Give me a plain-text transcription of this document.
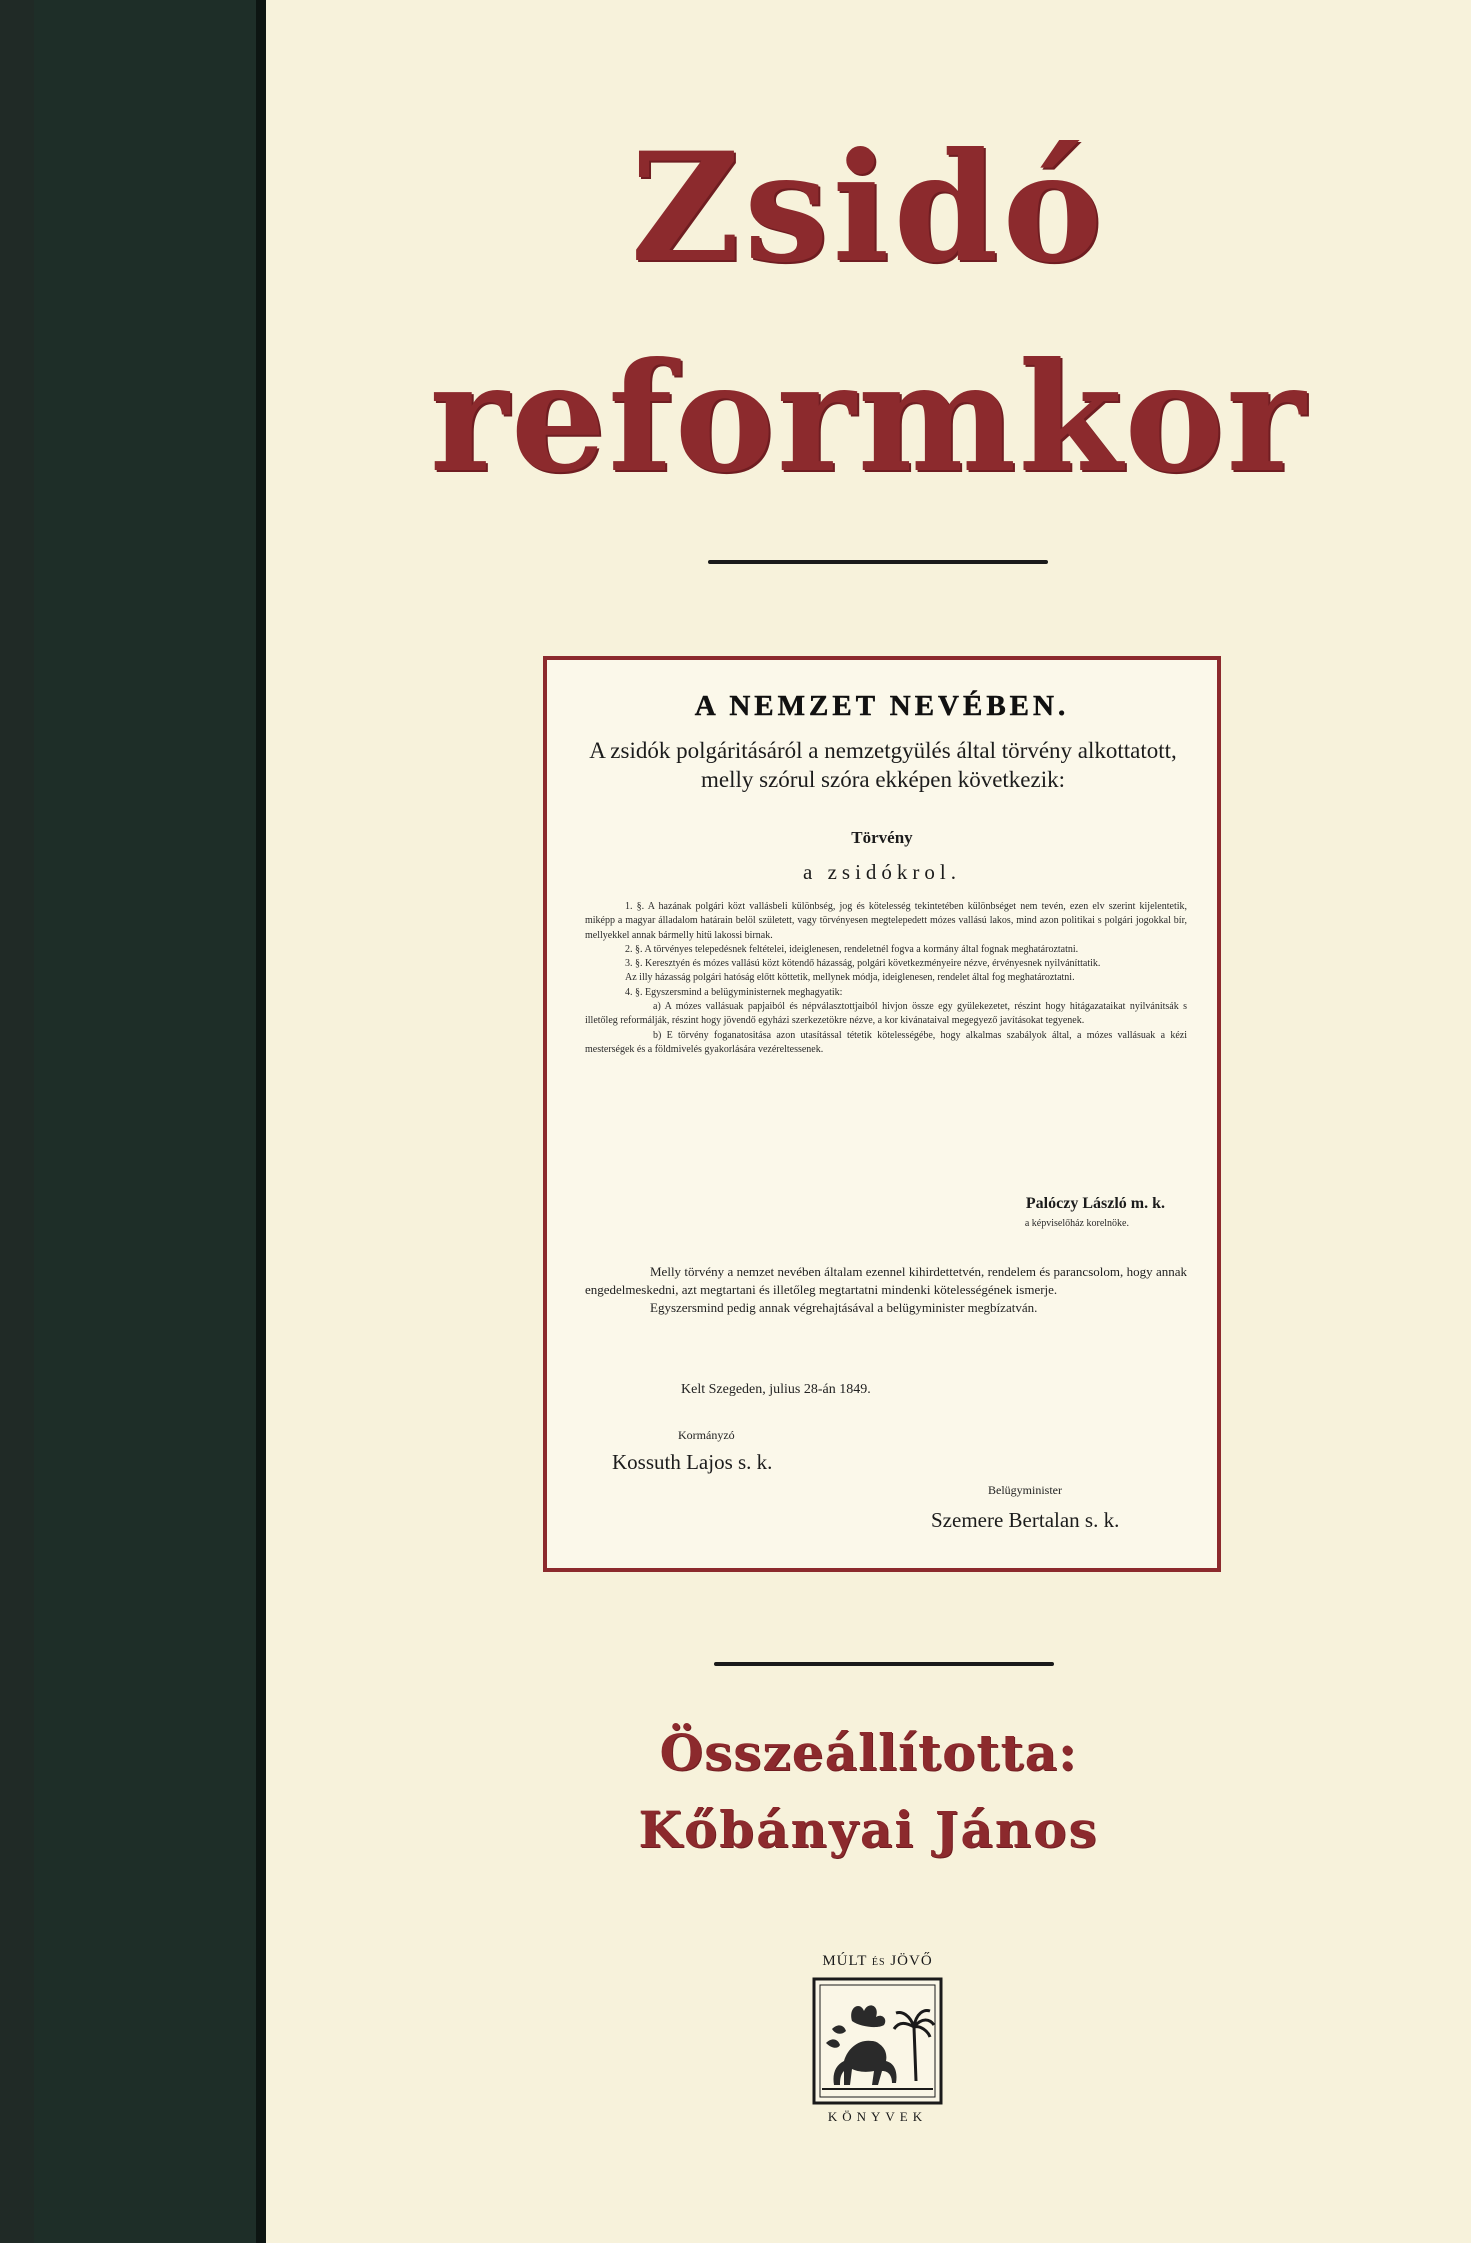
Zsidó
reformkor
A NEMZET NEVÉBEN.
A zsidók polgáritásáról a nemzetgyülés által törvény alkottatott, melly szórul szóra ekképen következik:
Törvény
a zsidókrol.

1. §. A hazának polgári közt vallásbeli különbség, jog és kötelesség tekintetében különbséget nem tevén, ezen elv szerint kijelentetik, miképp a magyar álladalom határain belöl született, vagy törvényesen megtelepedett mózes vallású lakos, mind azon politikai s polgári jogokkal bír, mellyekkel annak bármelly hitü lakossi birnak.

2. §. A törvényes telepedésnek feltételei, ideiglenesen, rendeletnél fogva a kormány által fognak meghatároztatni.

3. §. Keresztyén és mózes vallású közt kötendő házasság, polgári következményeire nézve, érvényesnek nyilváníttatik.

Az illy házasság polgári hatóság előtt köttetik, mellynek módja, ideiglenesen, rendelet által fog meghatároztatni.

4. §. Egyszersmind a belügyministernek meghagyatik:

a) A mózes vallásuak papjaiból és népválasztottjaiból hivjon össze egy gyülekezetet, részint hogy hitágazataikat nyilvánitsák s illetőleg reformálják, részint hogy jövendő egyházi szerkezetökre nézve, a kor kivánataival megegyező javításokat tegyenek.

b) E törvény foganatositása azon utasítással tétetik kötelességébe, hogy alkalmas szabályok által, a mózes vallásuak a kézi mesterségek és a földmivelés gyakorlására vezéreltessenek.

Palóczy László m. k.
a képviselőház korelnöke.

Melly törvény a nemzet nevében általam ezennel kihirdettetvén, rendelem és parancsolom, hogy annak engedelmeskedni, azt megtartani és illetőleg megtartatni mindenki kötelességének ismerje.

Egyszersmind pedig annak végrehajtásával a belügyminister megbízatván.

Kelt Szegeden, julius 28-án 1849.
Kormányzó
Kossuth Lajos s. k.
Belügyminister
Szemere Bertalan s. k.
Összeállította:
Kőbányai János
MÚLT ÉS JÖVŐ
KÖNYVEK
